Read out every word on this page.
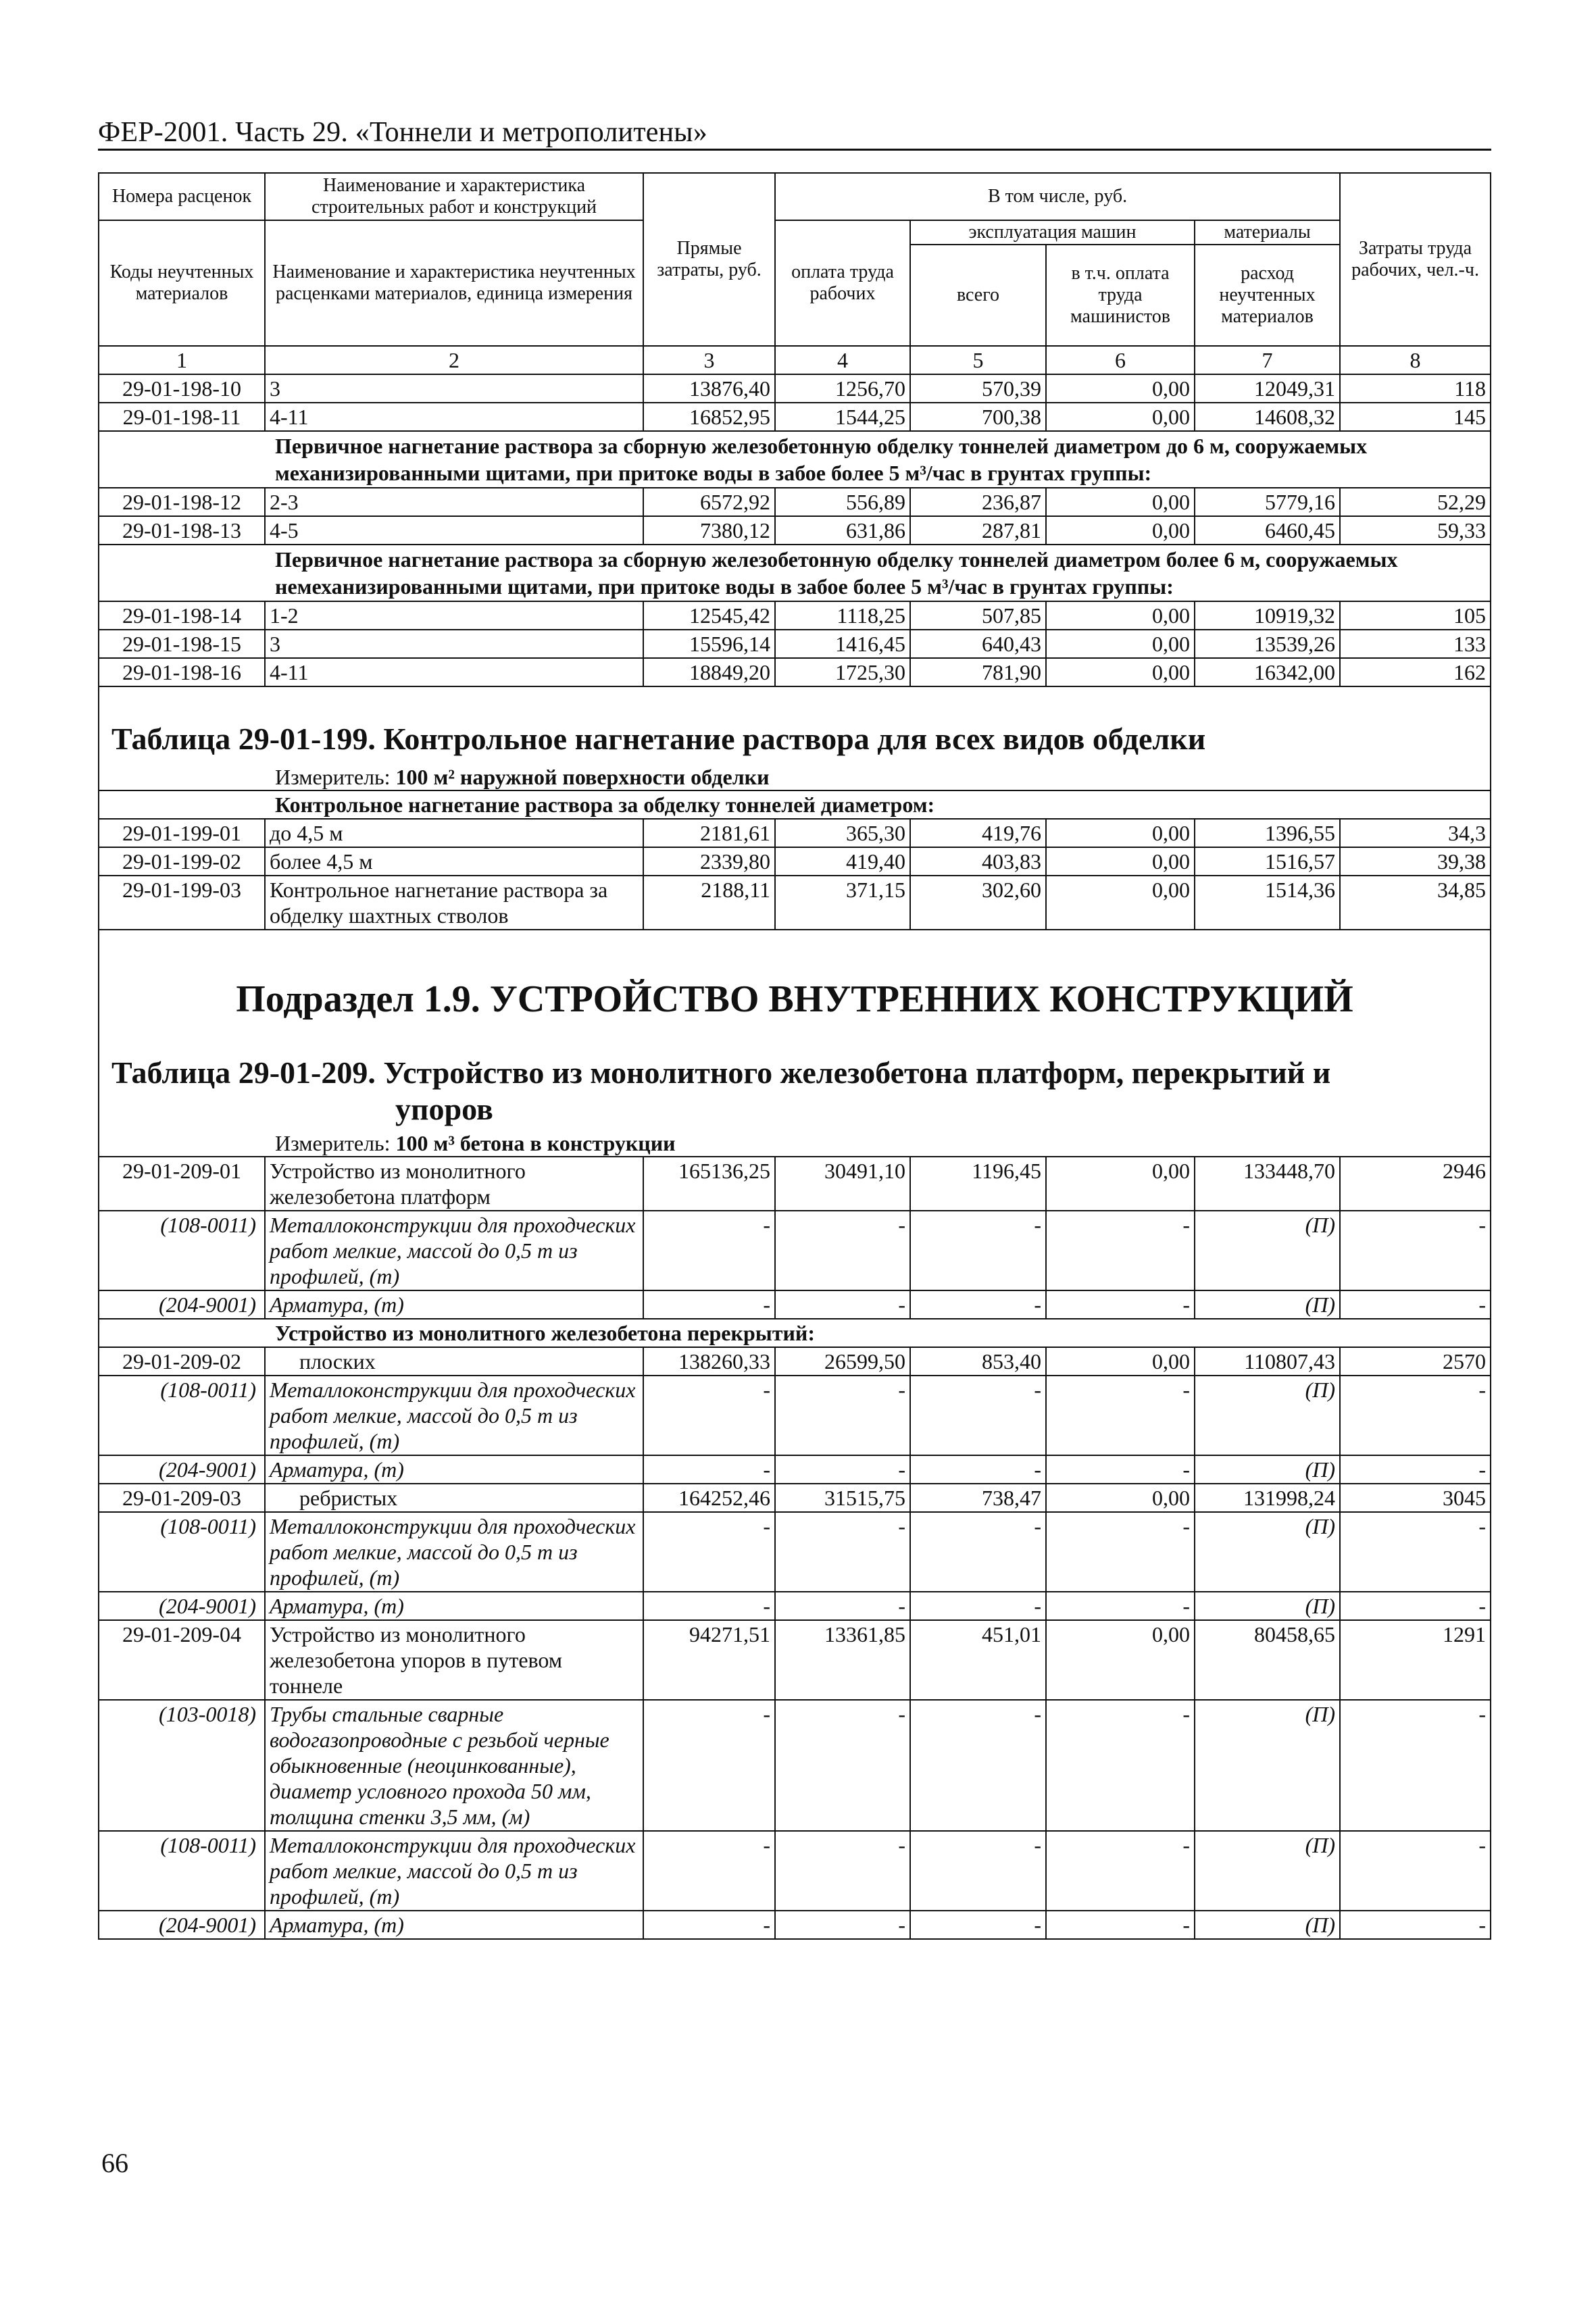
ФЕР-2001. Часть 29. «Тоннели и метрополитены»
Номера расценок	Наименование и характеристика строительных работ и конструкций	Прямые затраты, руб.	В том числе, руб.				Затраты труда рабочих, чел.-ч.
Коды неучтенных материалов	Наименование и характеристика неучтенных расценками материалов, единица измерения		оплата труда рабочих	эксплуатация машин		материалы	
				всего	в т.ч. оплата труда машинистов	расход неучтенных материалов	
1	2	3	4	5	6	7	8
29-01-198-10	3	13876,40	1256,70	570,39	0,00	12049,31	118
29-01-198-11	4-11	16852,95	1544,25	700,38	0,00	14608,32	145
Первичное нагнетание раствора за сборную железобетонную обделку тоннелей диаметром до 6 м, сооружаемых механизированными щитами, при притоке воды в забое более 5 м³/час в грунтах группы:							
29-01-198-12	2-3	6572,92	556,89	236,87	0,00	5779,16	52,29
29-01-198-13	4-5	7380,12	631,86	287,81	0,00	6460,45	59,33
Первичное нагнетание раствора за сборную железобетонную обделку тоннелей диаметром более 6 м, сооружаемых немеханизированными щитами, при притоке воды в забое более 5 м³/час в грунтах группы:							
29-01-198-14	1-2	12545,42	1118,25	507,85	0,00	10919,32	105
29-01-198-15	3	15596,14	1416,45	640,43	0,00	13539,26	133
29-01-198-16	4-11	18849,20	1725,30	781,90	0,00	16342,00	162
Таблица 29-01-199. Контрольное нагнетание раствора для всех видов обделки							
Измеритель: 100 м² наружной поверхности обделки							
Контрольное нагнетание раствора за обделку тоннелей диаметром:							
29-01-199-01	до 4,5 м	2181,61	365,30	419,76	0,00	1396,55	34,3
29-01-199-02	более 4,5 м	2339,80	419,40	403,83	0,00	1516,57	39,38
29-01-199-03	Контрольное нагнетание раствора за обделку шахтных стволов	2188,11	371,15	302,60	0,00	1514,36	34,85
Подраздел 1.9. УСТРОЙСТВО ВНУТРЕННИХ КОНСТРУКЦИЙ							

Таблица 29-01-209. Устройство из монолитного железобетона платформ, перекрытий и
упоров							
Измеритель: 100 м³ бетона в конструкции							
29-01-209-01	Устройство из монолитного железобетона платформ	165136,25	30491,10	1196,45	0,00	133448,70	2946
(108-0011)	Металлоконструкции для проходческих работ мелкие, массой до 0,5 т из профилей, (т)	-	-	-	-	(П)	-
(204-9001)	Арматура, (т)	-	-	-	-	(П)	-
Устройство из монолитного железобетона перекрытий:							
29-01-209-02	плоских	138260,33	26599,50	853,40	0,00	110807,43	2570
(108-0011)	Металлоконструкции для проходческих работ мелкие, массой до 0,5 т из профилей, (т)	-	-	-	-	(П)	-
(204-9001)	Арматура, (т)	-	-	-	-	(П)	-
29-01-209-03	ребристых	164252,46	31515,75	738,47	0,00	131998,24	3045
(108-0011)	Металлоконструкции для проходческих работ мелкие, массой до 0,5 т из профилей, (т)	-	-	-	-	(П)	-
(204-9001)	Арматура, (т)	-	-	-	-	(П)	-
29-01-209-04	Устройство из монолитного железобетона упоров в путевом тоннеле	94271,51	13361,85	451,01	0,00	80458,65	1291
(103-0018)	Трубы стальные сварные водогазопроводные с резьбой черные обыкновенные (неоцинкованные), диаметр условного прохода 50 мм, толщина стенки 3,5 мм, (м)	-	-	-	-	(П)	-
(108-0011)	Металлоконструкции для проходческих работ мелкие, массой до 0,5 т из профилей, (т)	-	-	-	-	(П)	-
(204-9001)	Арматура, (т)	-	-	-	-	(П)	-
66
